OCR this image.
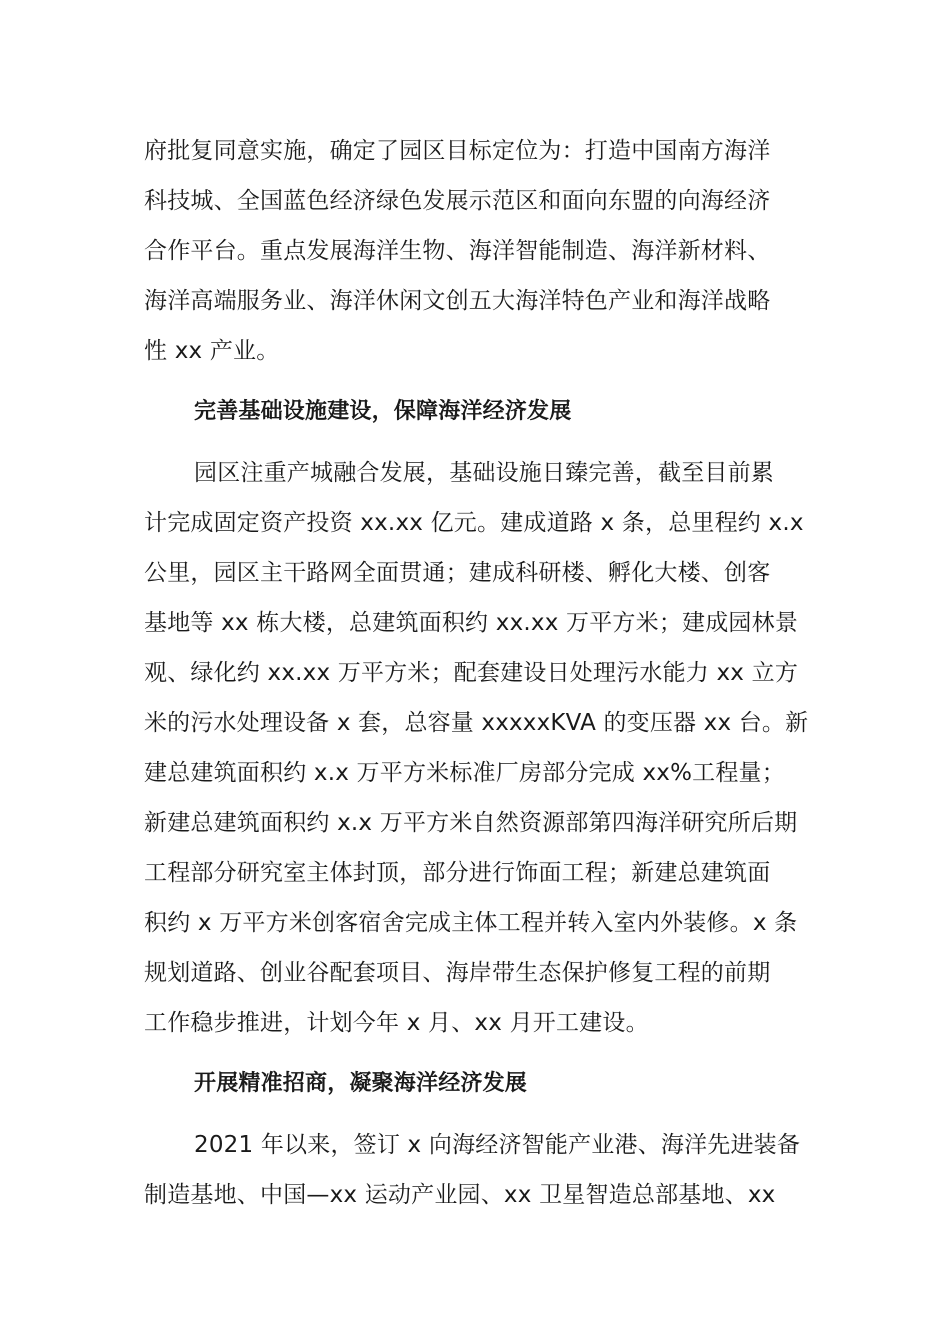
府批复同意实施，确定了园区目标定位为：打造中国南方海洋
科技城、全国蓝色经济绿色发展示范区和面向东盟的向海经济
合作平台。重点发展海洋生物、海洋智能制造、海洋新材料、
海洋高端服务业、海洋休闲文创五大海洋特色产业和海洋战略
性 xx 产业。
完善基础设施建设，保障海洋经济发展
园区注重产城融合发展，基础设施日臻完善，截至目前累
计完成固定资产投资 xx.xx 亿元。建成道路 x 条，总里程约 x.x
公里，园区主干路网全面贯通；建成科研楼、孵化大楼、创客
基地等 xx 栋大楼，总建筑面积约 xx.xx 万平方米；建成园林景
观、绿化约 xx.xx 万平方米；配套建设日处理污水能力 xx 立方
米的污水处理设备 x 套，总容量 xxxxxKVA 的变压器 xx 台。新
建总建筑面积约 x.x 万平方米标准厂房部分完成 xx%工程量；
新建总建筑面积约 x.x 万平方米自然资源部第四海洋研究所后期
工程部分研究室主体封顶，部分进行饰面工程；新建总建筑面
积约 x 万平方米创客宿舍完成主体工程并转入室内外装修。x 条
规划道路、创业谷配套项目、海岸带生态保护修复工程的前期
工作稳步推进，计划今年 x 月、xx 月开工建设。
开展精准招商，凝聚海洋经济发展
2021 年以来，签订 x 向海经济智能产业港、海洋先进装备
制造基地、中国—xx 运动产业园、xx 卫星智造总部基地、xx
